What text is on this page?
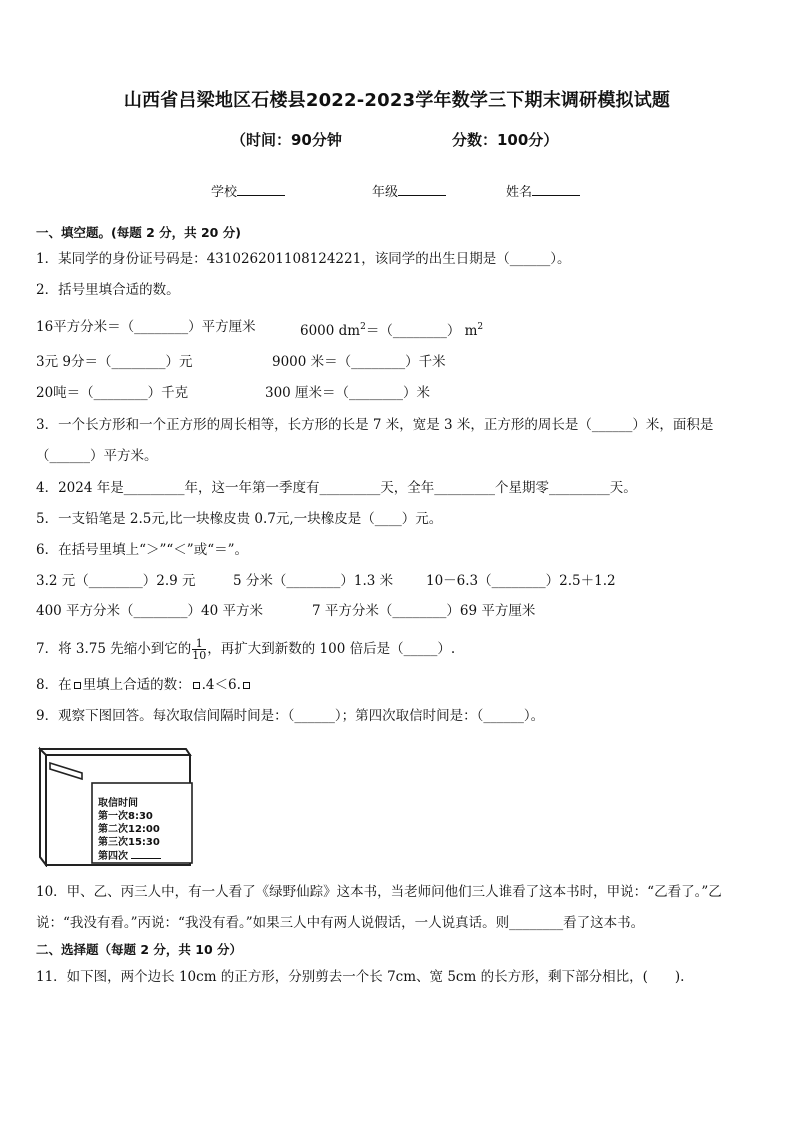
山西省吕梁地区石楼县2022-2023学年数学三下期末调研模拟试题
（时间：90分钟	分数：100分）
学校	年级	姓名
一、填空题。(每题 2 分，共 20 分)
1．某同学的身份证号码是：431026201108124221，该同学的出生日期是（______）。
2．括号里填合适的数。
16平方分米＝（________）平方厘米	6000 $dm^2=(\_\_\_\_\_\_\_\_)$ $m^2$
3元 9分＝（________）元	9000 米＝（________）千米
20吨＝（________）千克	300 厘米＝（________）米
3．一个长方形和一个正方形的周长相等，长方形的长是 7 米，宽是 3 米，正方形的周长是（______）米，面积是
（______）平方米。
4．2024 年是_________年，这一年第一季度有_________天，全年_________个星期零_________天。
5．一支铅笔是 2.5元,比一块橡皮贵 0.7元,一块橡皮是（____）元。
6．在括号里填上“＞”“＜”或“＝”。
3.2 元（________）2.9 元	5 分米（________）1.3 米 10－6.3（________）2.5＋1.2
400 平方分米（________）40 平方米	7 平方分米（________）69 平方厘米
7．将 3.75 先缩小到它的 $\frac{1}{10}$ ，再扩大到新数的 100 倍后是（_____）.
8．在 里填上合适的数： .4＜6.
9．观察下图回答。每次取信间隔时间是：（______）；第四次取信时间是：（______）。
取信时间
第一次8:30
第二次12:00
第三次15:30
第四次
10．甲、乙、丙三人中，有一人看了《绿野仙踪》这本书，当老师问他们三人谁看了这本书时，甲说：“乙看了。”乙
说：“我没有看。”丙说：“我没有看。”如果三人中有两人说假话，一人说真话。则________看了这本书。
二、选择题（每题 2 分，共 10 分）
11．如下图，两个边长 10cm 的正方形，分别剪去一个长 7cm、宽 5cm 的长方形，剩下部分相比，(　　).
